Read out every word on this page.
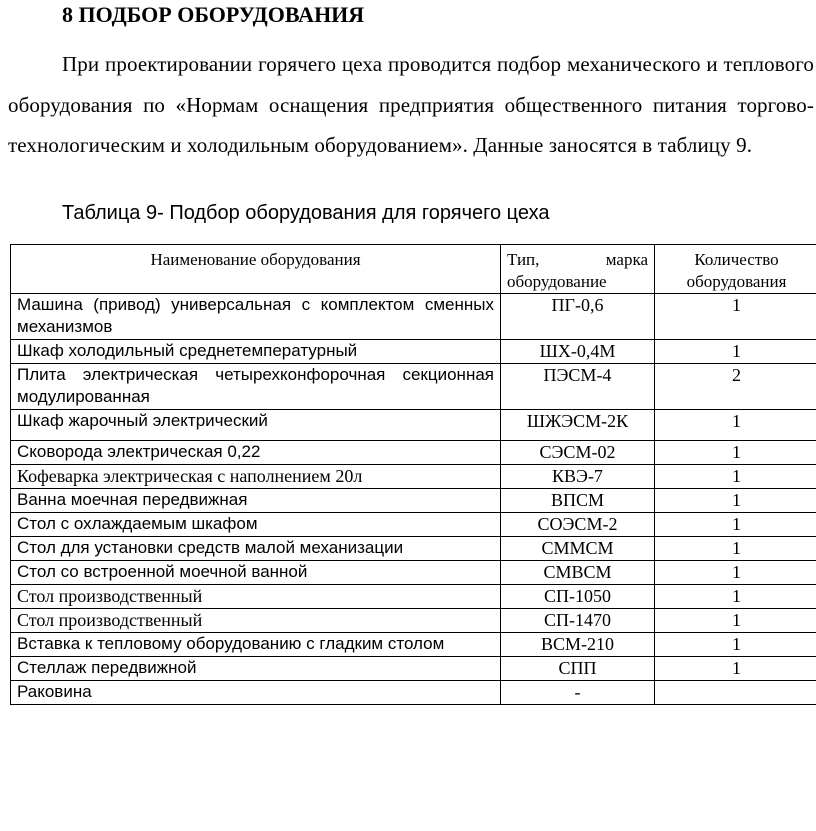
8 ПОДБОР ОБОРУДОВАНИЯ

При проектировании горячего цеха проводится подбор механического и теплового оборудования по «Нормам оснащения предприятия общественного питания торгово-технологическим и холодильным оборудованием». Данные заносятся в таблицу 9.

Таблица 9- Подбор оборудования для горячего цеха

Наименование оборудования	Тип, марка оборудование	Количество оборудования
Машина (привод) универсальная с комплектом сменных механизмов	ПГ-0,6	1
Шкаф холодильный среднетемпературный	ШХ-0,4М	1
Плита электрическая четырехконфорочная секционная модулированная	ПЭСМ-4	2
Шкаф жарочный электрический	ШЖЭСМ-2К	1
Сковорода электрическая 0,22	СЭСМ-02	1
Кофеварка электрическая с наполнением 20л	КВЭ-7	1
Ванна моечная передвижная	ВПСМ	1
Стол с охлаждаемым шкафом	СОЭСМ-2	1
Стол для установки средств малой механизации	СММСМ	1
Стол со встроенной моечной ванной	СМВСМ	1
Стол производственный	СП-1050	1
Стол производственный	СП-1470	1
Вставка к тепловому оборудованию с гладким столом	ВСМ-210	1
Стеллаж передвижной	СПП	1
Раковина	-	
